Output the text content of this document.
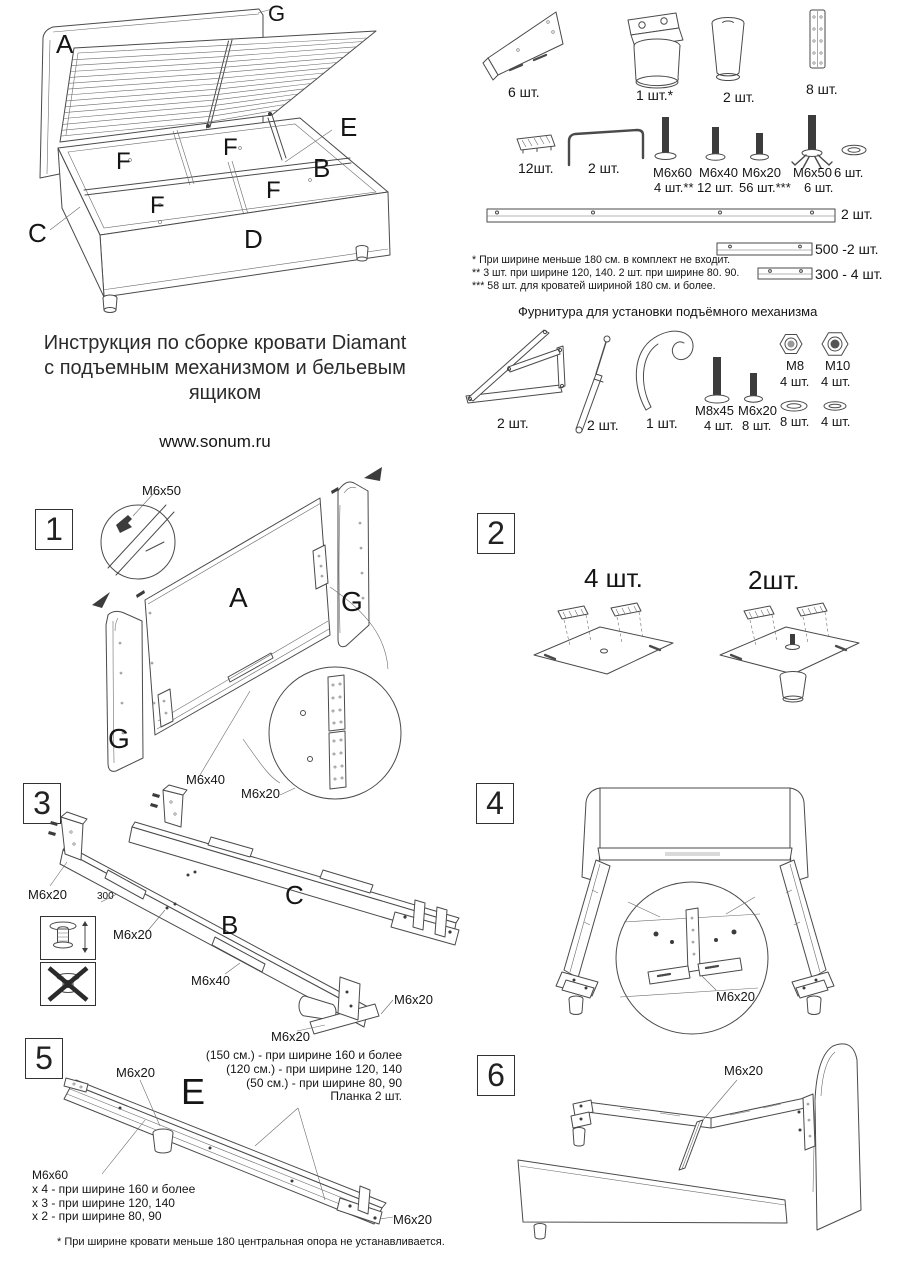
G
A
E
B
C	D
F
F
F
F
Инструкция по сборке кровати Diamant
с подъемным механизмом и бельевым ящиком
www.sonum.ru
6 шт.	1 шт.*	2 шт.	8 шт.
12шт. 2 шт.	M6x60
4 шт.**
M6x40
12 шт.
M6x20
56 шт.***
M6x50
6 шт.
6 шт.
2 шт.
500 -2 шт.
300 - 4 шт.
* При ширине меньше 180 см. в комплект не входит.
** 3 шт. при ширине 120, 140. 2 шт. при ширине 80. 90.
*** 58 шт. для кроватей шириной 180 см. и более.
Фурнитура для установки подъёмного механизма
2 шт.	2 шт. 1 шт.
M8x45 M6x20
4 шт. 8 шт.
M8
4 шт.
M10
4 шт.
8 шт. 4 шт.
1
M6x50
A	G
G
M6x40
M6x20
2
4 шт.	2шт.
3
M6x20	300
M6x20
C
B
M6x40
M6x20
M6x20
4
M6x20
5	M6x20 E
(150 см.) - при ширине 160 и более
(120 см.) - при ширине 120, 140
(50 см.) - при ширине 80, 90
Планка 2 шт.
M6x60
x 4 - при ширине 160 и более
x 3 - при ширине 120, 140
x 2 - при ширине 80, 90	M6x20
6	M6x20
* При ширине кровати меньше 180 центральная опора не устанавливается.
